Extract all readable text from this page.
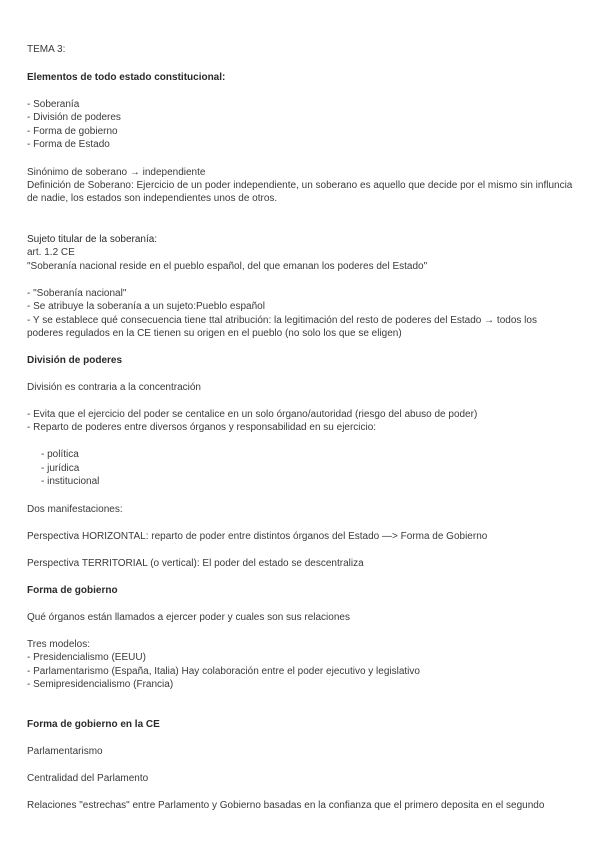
TEMA 3:
Elementos de todo estado constitucional:
- Soberanía
- División de poderes
- Forma de gobierno
- Forma de Estado
Sinónimo de soberano → independiente
Definición de Soberano: Ejercicio de un poder independiente, un soberano es aquello que decide por el mismo sin influncia
de nadie, los estados son independientes unos de otros.
Sujeto titular de la soberanía:
art. 1.2 CE
"Soberanía nacional reside en el pueblo español, del que emanan los poderes del Estado"
- "Soberanía nacional"
- Se atribuye la soberanía a un sujeto:Pueblo español
- Y se establece qué consecuencia tiene ttal atribución: la legitimación del resto de poderes del Estado → todos los
poderes regulados en la CE tienen su origen en el pueblo (no solo los que se eligen)
División de poderes
División es contraria a la concentración
- Evita que el ejercicio del poder se centalice en un solo órgano/autoridad (riesgo del abuso de poder)
- Reparto de poderes entre diversos órganos y responsabilidad en su ejercicio:
- política
- jurídica
- institucional
Dos manifestaciones:
Perspectiva HORIZONTAL: reparto de poder entre distintos órganos del Estado —> Forma de Gobierno
Perspectiva TERRITORIAL (o vertical): El poder del estado se descentraliza
Forma de gobierno
Qué órganos están llamados a ejercer poder y cuales son sus relaciones
Tres modelos:
- Presidencialismo (EEUU)
- Parlamentarismo (España, Italia) Hay colaboración entre el poder ejecutivo y legislativo
- Semipresidencialismo (Francia)
Forma de gobierno en la CE
Parlamentarismo
Centralidad del Parlamento
Relaciones "estrechas" entre Parlamento y Gobierno basadas en la confianza que el primero deposita en el segundo
